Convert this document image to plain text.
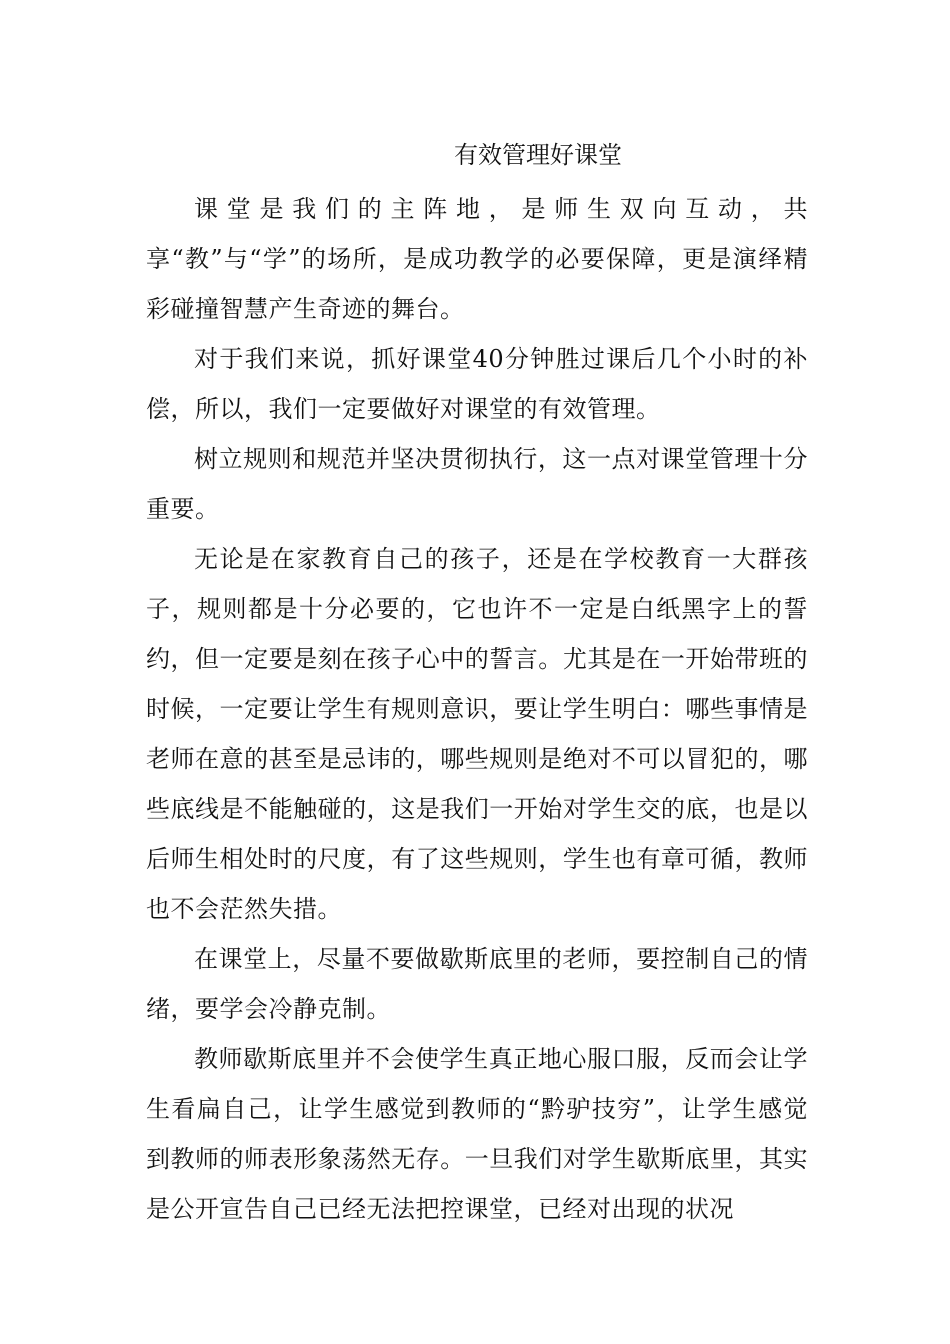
有效管理好课堂

课堂是我们的主阵地，是师生双向互动，共享“教”与“学”的场所，是成功教学的必要保障，更是演绎精彩碰撞智慧产生奇迹的舞台。

对于我们来说，抓好课堂40分钟胜过课后几个小时的补偿，所以，我们一定要做好对课堂的有效管理。

树立规则和规范并坚决贯彻执行，这一点对课堂管理十分重要。

无论是在家教育自己的孩子，还是在学校教育一大群孩子，规则都是十分必要的，它也许不一定是白纸黑字上的誓约，但一定要是刻在孩子心中的誓言。尤其是在一开始带班的时候，一定要让学生有规则意识，要让学生明白：哪些事情是老师在意的甚至是忌讳的，哪些规则是绝对不可以冒犯的，哪些底线是不能触碰的，这是我们一开始对学生交的底，也是以后师生相处时的尺度，有了这些规则，学生也有章可循，教师也不会茫然失措。

在课堂上，尽量不要做歇斯底里的老师，要控制自己的情绪，要学会冷静克制。

教师歇斯底里并不会使学生真正地心服口服，反而会让学生看扁自己，让学生感觉到教师的“黔驴技穷”，让学生感觉到教师的师表形象荡然无存。一旦我们对学生歇斯底里，其实是公开宣告自己已经无法把控课堂，已经对出现的状况
